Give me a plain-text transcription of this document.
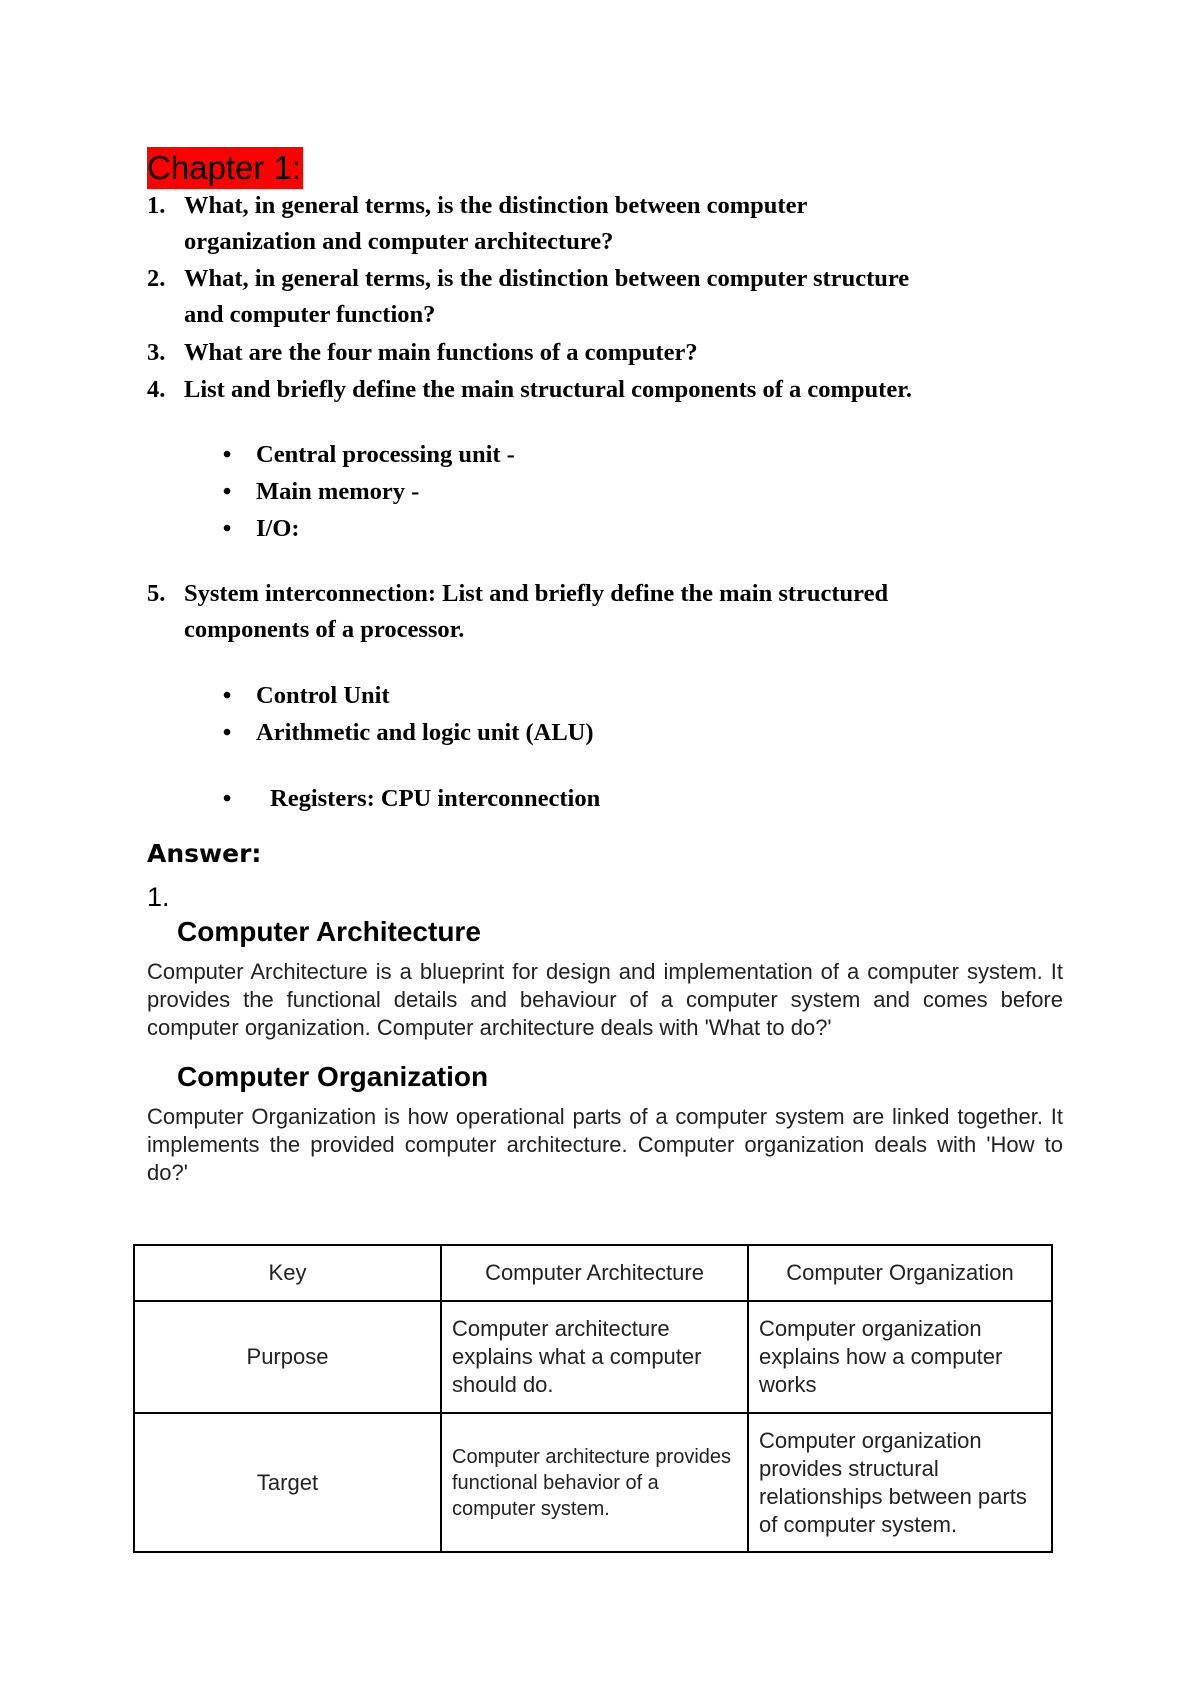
Chapter 1:
1. What, in general terms, is the distinction between computer
organization and computer architecture?
2. What, in general terms, is the distinction between computer structure
and computer function?
3. What are the four main functions of a computer?
4. List and briefly define the main structural components of a computer.
• Central processing unit -
• Main memory -
• I/O:
5. System interconnection: List and briefly define the main structured
components of a processor.
• Control Unit
• Arithmetic and logic unit (ALU)
• Registers: CPU interconnection
Answer:
1.
Computer Architecture
Computer Architecture is a blueprint for design and implementation of a computer system. It provides the functional details and behaviour of a computer system and comes before computer organization. Computer architecture deals with 'What to do?'
Computer Organization
Computer Organization is how operational parts of a computer system are linked together. It implements the provided computer architecture. Computer organization deals with 'How to do?'
Key	Computer Architecture	Computer Organization
Purpose	Computer architecture explains what a computer should do.	Computer organization explains how a computer works
Target	Computer architecture provides functional behavior of a computer system.	Computer organization provides structural relationships between parts of computer system.
